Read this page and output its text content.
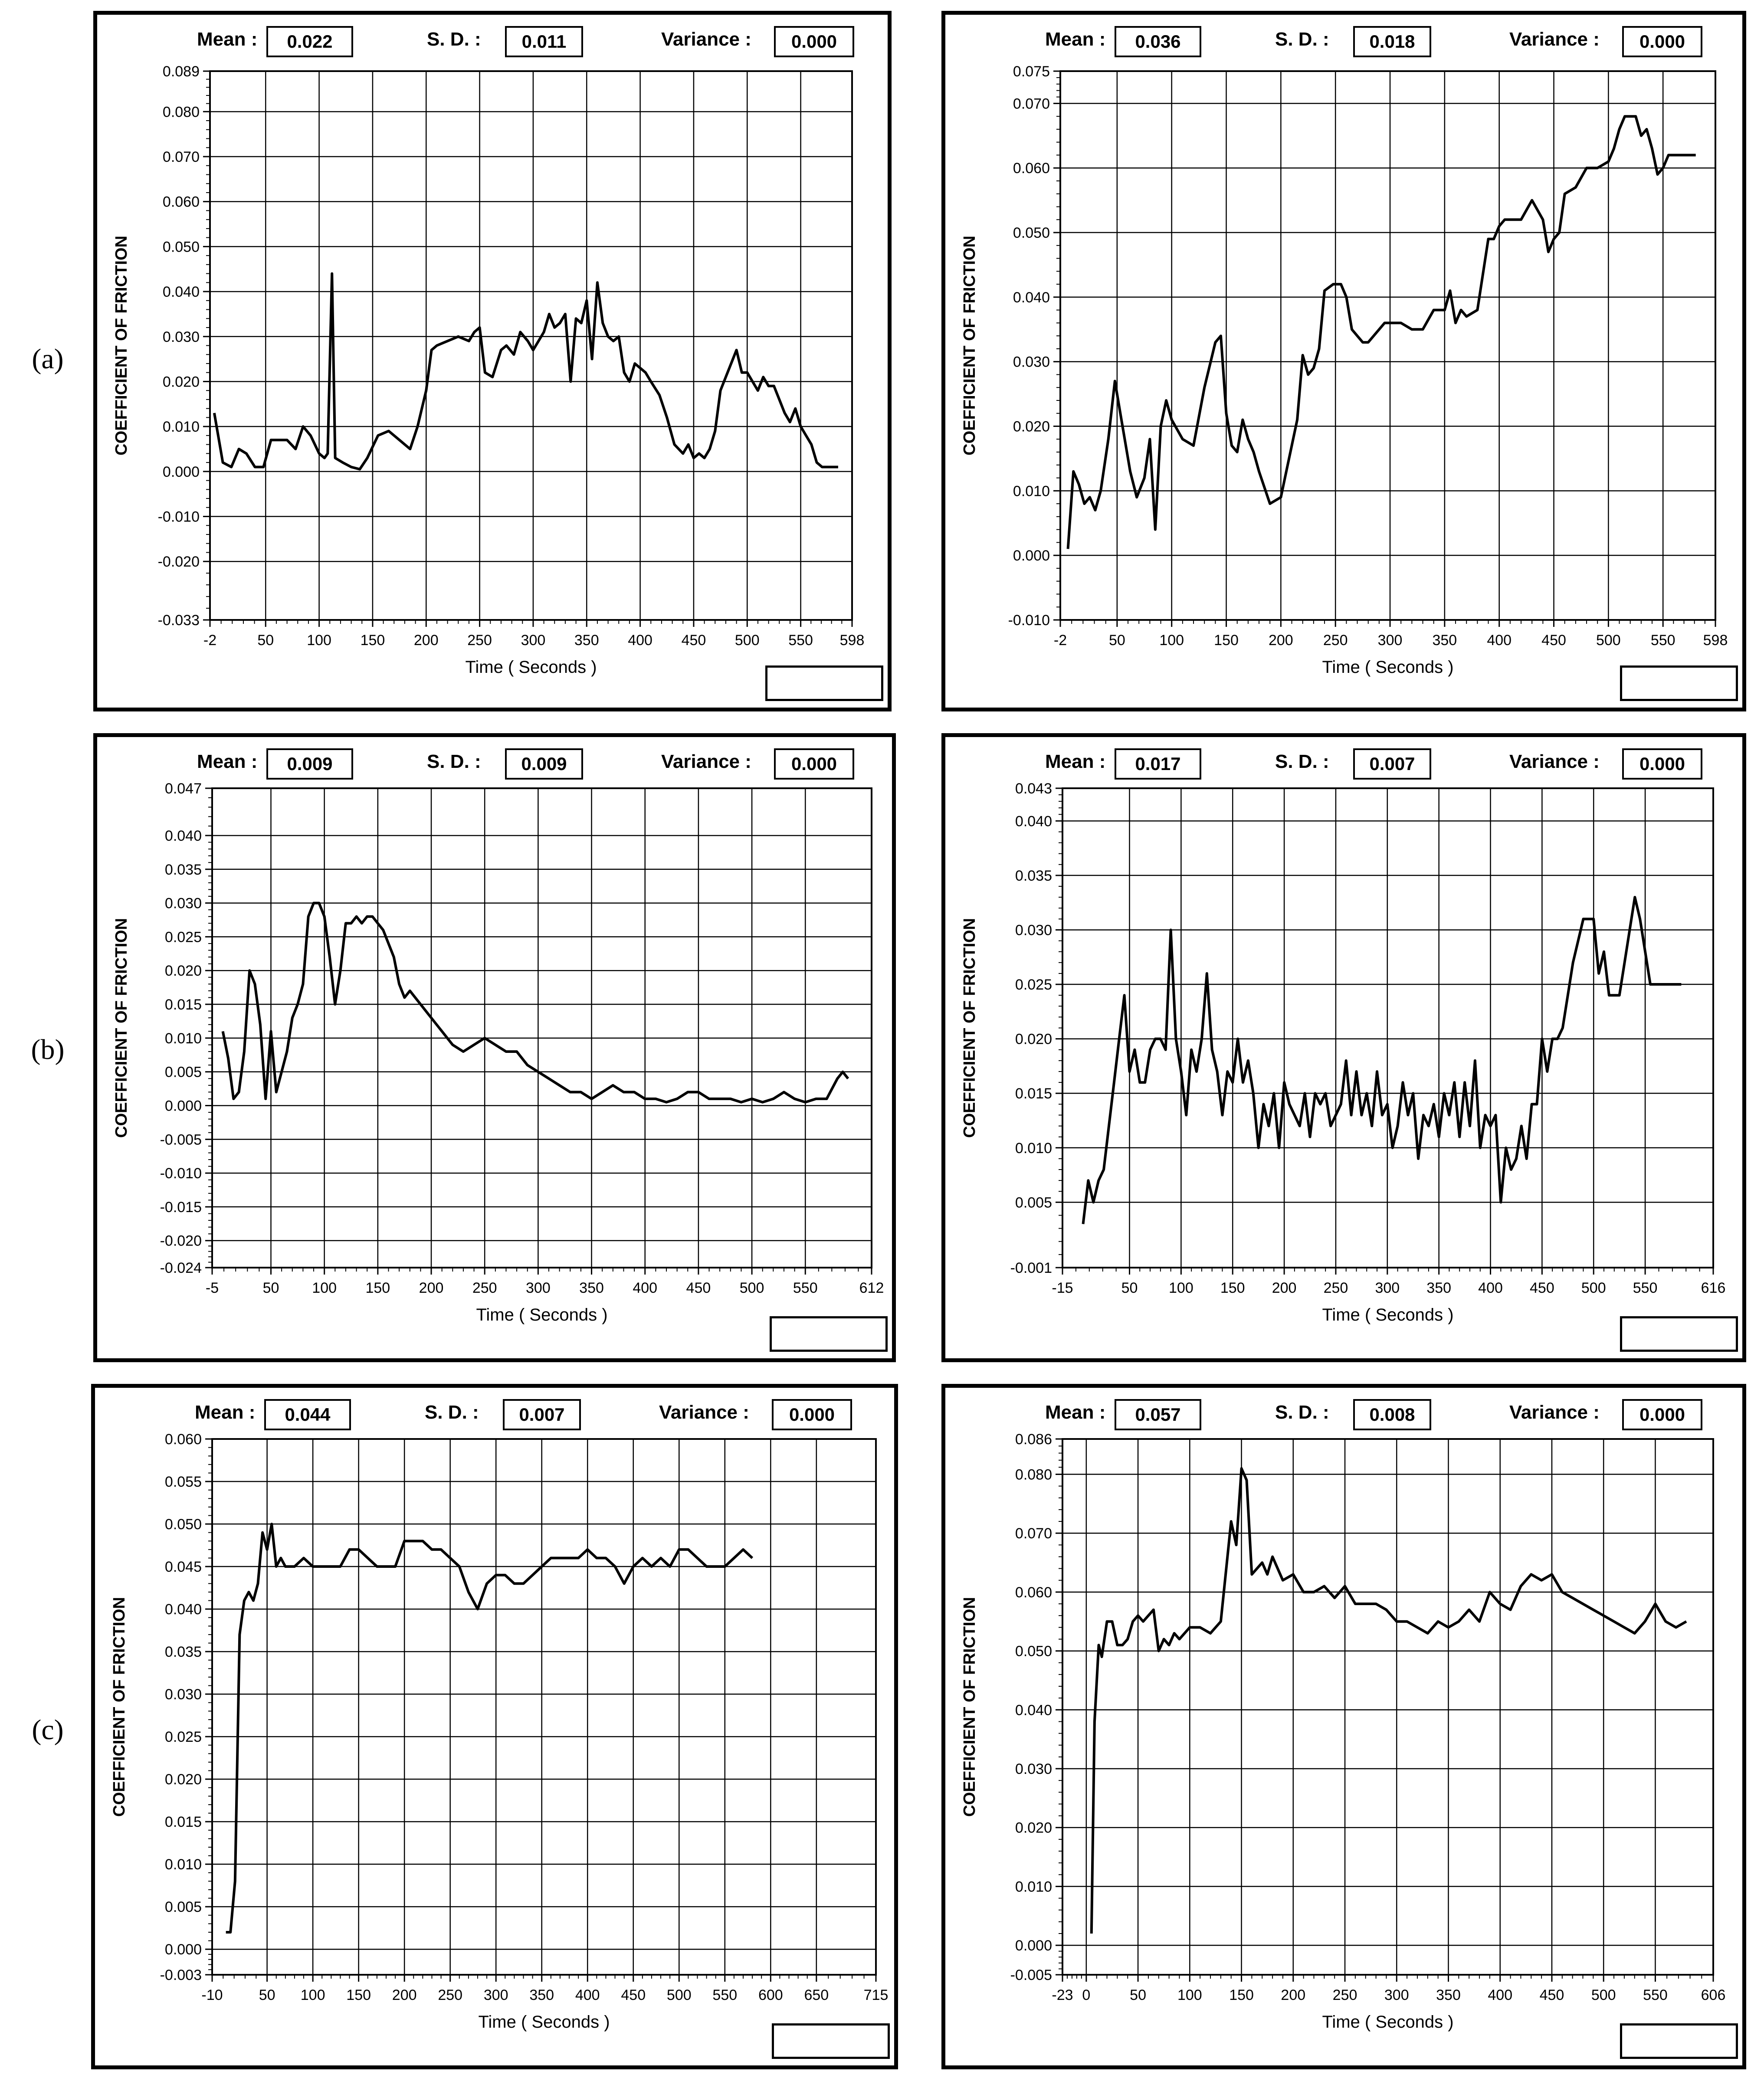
(a)
(b)
(c)
Mean :	0.022	S. D. :	0.011	Variance :	0.000
-2	50 100 150 200 250 300 350 400 450 500 550 598
-0.033
-0.020
-0.010
0.000
0.010
0.020
0.030
0.040
0.050
0.060
0.070
0.080
0.089
Time ( Seconds )
COEFFICIENT OF FRICTION
Mean :	0.036	S. D. :	0.018	Variance :	0.000
-2	50 100 150 200 250 300 350 400 450 500 550 598
-0.010
0.000
0.010
0.020
0.030
0.040
0.050
0.060
0.070
0.075
Time ( Seconds )
COEFFICIENT OF FRICTION
Mean :	0.009	S. D. :	0.009	Variance :	0.000
-5	50 100 150 200 250 300 350 400 450 500 550	612
-0.024
-0.020
-0.015
-0.010
-0.005
0.000
0.005
0.010
0.015
0.020
0.025
0.030
0.035
0.040
0.047
Time ( Seconds )
COEFFICIENT OF FRICTION
Mean :	0.017	S. D. :	0.007	Variance :	0.000
-15	50 100 150 200 250 300 350 400 450 500 550	616
-0.001
0.005
0.010
0.015
0.020
0.025
0.030
0.035
0.040
0.043
Time ( Seconds )
COEFFICIENT OF FRICTION
Mean :	0.044	S. D. :	0.007	Variance :	0.000
-10 50 100 150 200 250 300 350 400 450 500 550 600 650 715
-0.003
0.000
0.005
0.010
0.015
0.020
0.025
0.030
0.035
0.040
0.045
0.050
0.055
0.060
Time ( Seconds )
COEFFICIENT OF FRICTION
Mean :	0.057	S. D. :	0.008	Variance :	0.000
-23 0	50 100 150 200 250 300 350 400 450 500 550 606
-0.005
0.000
0.010
0.020
0.030
0.040
0.050
0.060
0.070
0.080
0.086
Time ( Seconds )
COEFFICIENT OF FRICTION
